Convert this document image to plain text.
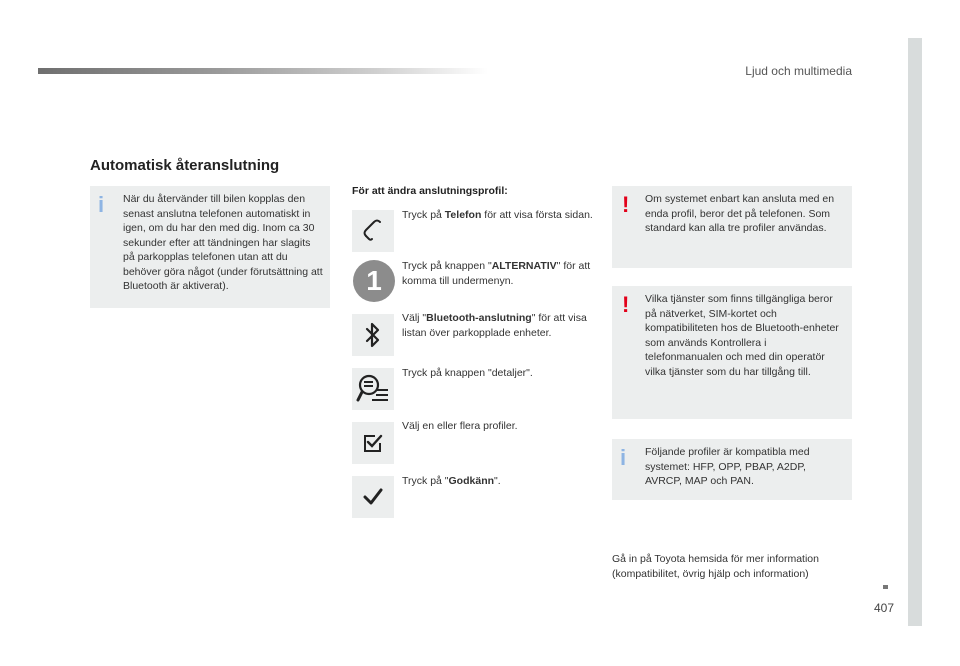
Ljud och multimedia
407
Automatisk återanslutning
i När du återvänder till bilen kopplas den senast anslutna telefonen automatiskt in igen, om du har den med dig. Inom ca 30 sekunder efter att tändningen har slagits på parkopplas telefonen utan att du behöver göra något (under förutsättning att Bluetooth är aktiverat).
För att ändra anslutningsprofil:
1
Tryck på Telefon för att visa första sidan.
Tryck på knappen "ALTERNATIV" för att komma till undermenyn.
Välj "Bluetooth-anslutning" för att visa listan över parkopplade enheter.
Tryck på knappen "detaljer".
Välj en eller flera profiler.
Tryck på "Godkänn".
! Om systemet enbart kan ansluta med en enda profil, beror det på telefonen. Som standard kan alla tre profiler användas.
! Vilka tjänster som finns tillgängliga beror på nätverket, SIM-kortet och kompatibiliteten hos de Bluetooth-enheter som används Kontrollera i telefonmanualen och med din operatör vilka tjänster som du har tillgång till.
i Följande profiler är kompatibla med systemet: HFP, OPP, PBAP, A2DP, AVRCP, MAP och PAN.
Gå in på Toyota hemsida för mer information (kompatibilitet, övrig hjälp och information)
